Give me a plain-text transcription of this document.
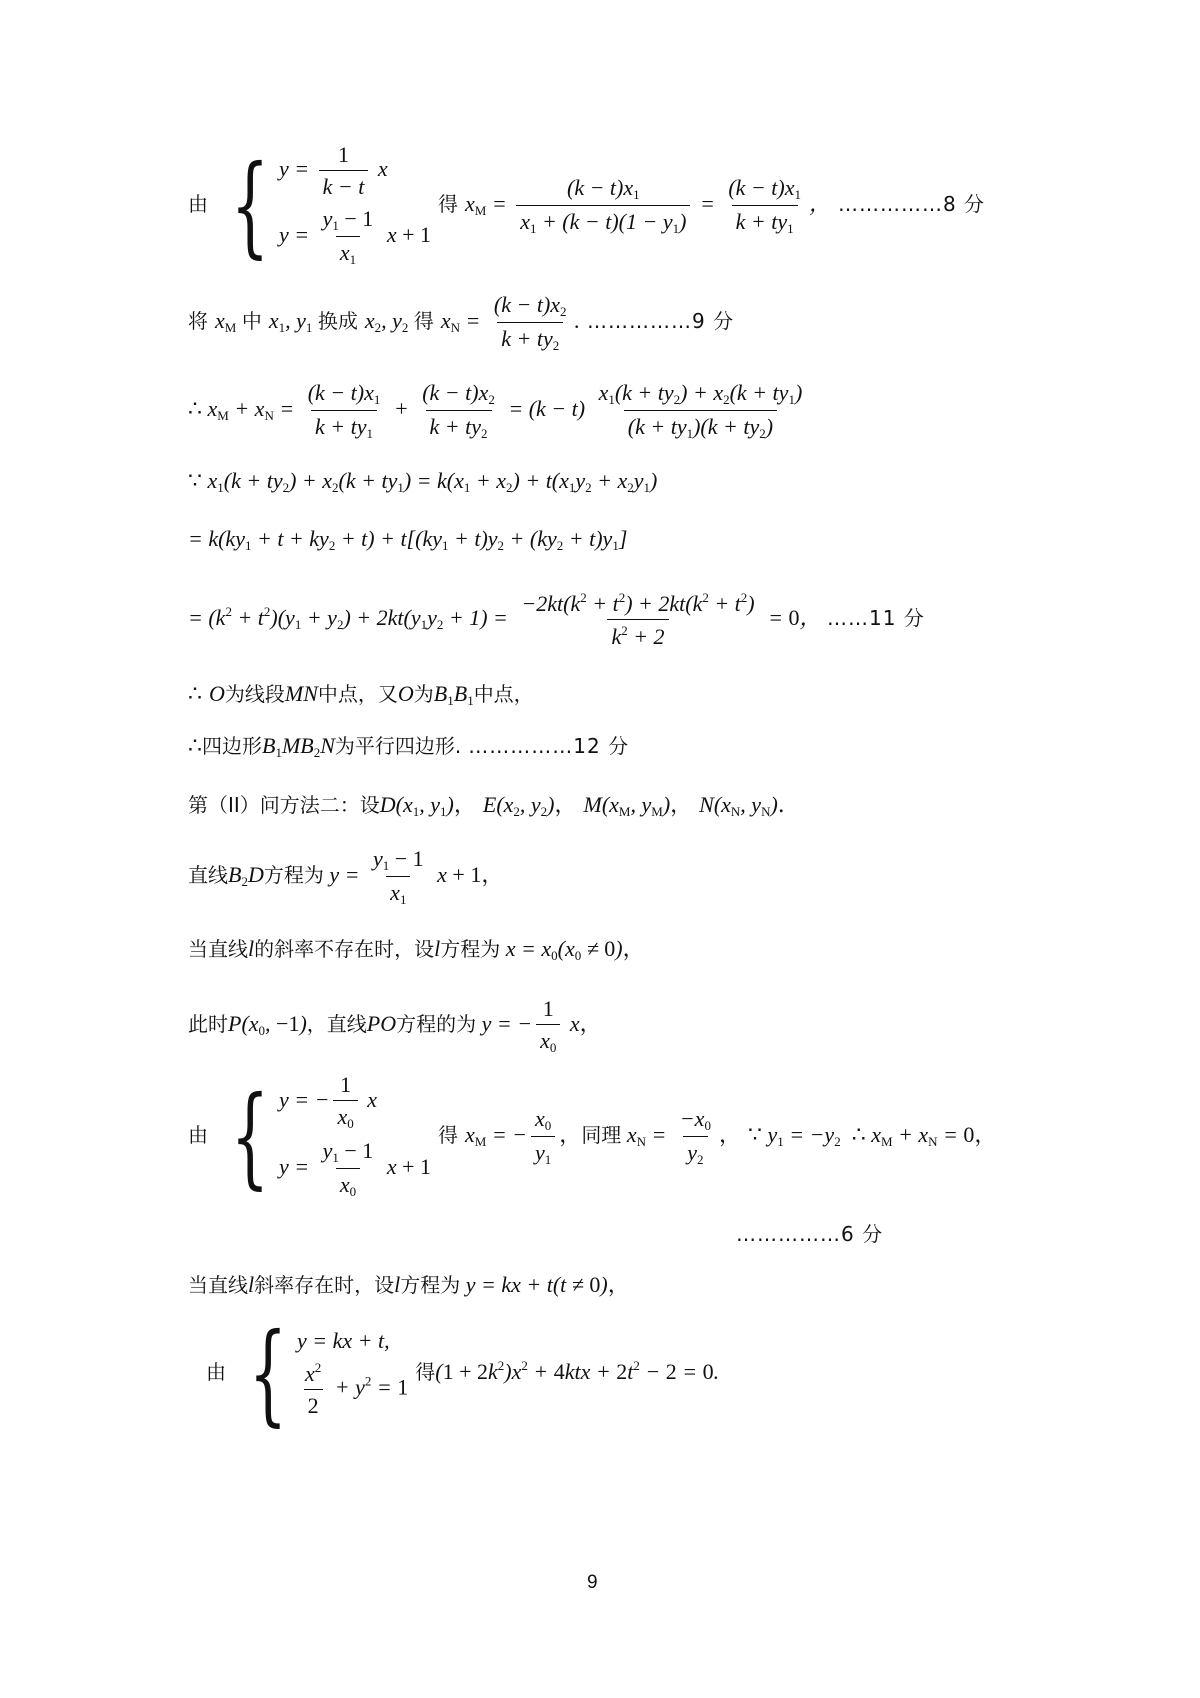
由 { $y = \frac{1}{k - t}$ x
$y = \frac{y_1 - 1}{x_1}$ x + 1
得 $x_M = \frac{(k - t)x_1}{x_1 + (k - t)(1 - y_1)} = \frac{(k - t)x_1}{k + ty_1}$ ， ……………8 分
将 $x_M$ 中 $x_1$, $y_1$ 换成 $x_2$, $y_2$ 得 $x_N = \frac{(k - t)x_2}{k + ty_2}$ . ……………9 分
∴ $x_M + x_N = \frac{(k - t)x_1}{k + ty_1} + \frac{(k - t)x_2}{k + ty_2} = (k - t) \frac{x_1(k + ty_2) + x_2(k + ty_1)}{(k + ty_1)(k + ty_2)}$
∵ $x_1(k + ty_2) + x_2(k + ty_1) = k(x_1 + x_2) + t(x_1y_2 + x_2y_1)$
= $k(ky_1 + t + ky_2 + t) + t[(ky_1 + t)y_2 + (ky_2 + t)y_1]$
= $(k^2 + t^2)(y_1 + y_2) + 2kt(y_1y_2 + 1) = \frac{-2kt(k^2 + t^2) + 2kt(k^2 + t^2)}{k^2 + 2} = 0$， ……11 分
∴ O为线段MN中点，又O为$B_1B_1$中点，
∴四边形$B_1MB_2N$为平行四边形. ……………12 分
第（II）问方法二：设$D(x_1$, $y_1$)， $E(x_2$, $y_2$)， $M(x_M$, $y_M$)， $N(x_N$, $y_N$).
直线$B_2D$方程为 $y = \frac{y_1 - 1}{x_1}$ x + 1，
当直线l的斜率不存在时，设l方程为 $x = x_0(x_0 \ne 0)$，
此时$P(x_0$, −1)，直线PO方程的为 y = − $\frac{1}{x_0}$ x，
由 { y = − $\frac{1}{x_0}$ x
$y = \frac{y_1 - 1}{x_0}$ x + 1
得 $x_M$ = − $\frac{x_0}{y_1}$ ，同理 $x_N = \frac{-x_0}{y_2}$ ， ∵ $y_1 = -y_2$ ∴ $x_M + x_N = 0$，
……………6 分
当直线l斜率存在时，设l方程为 y = kx + t(t ≠ 0)，
由 { y = kx + t,
$\frac{x^2}{2} + y^2 = 1$
得$(1 + 2k^2)x^2 + 4ktx + 2t^2 - 2 = 0$.
9
